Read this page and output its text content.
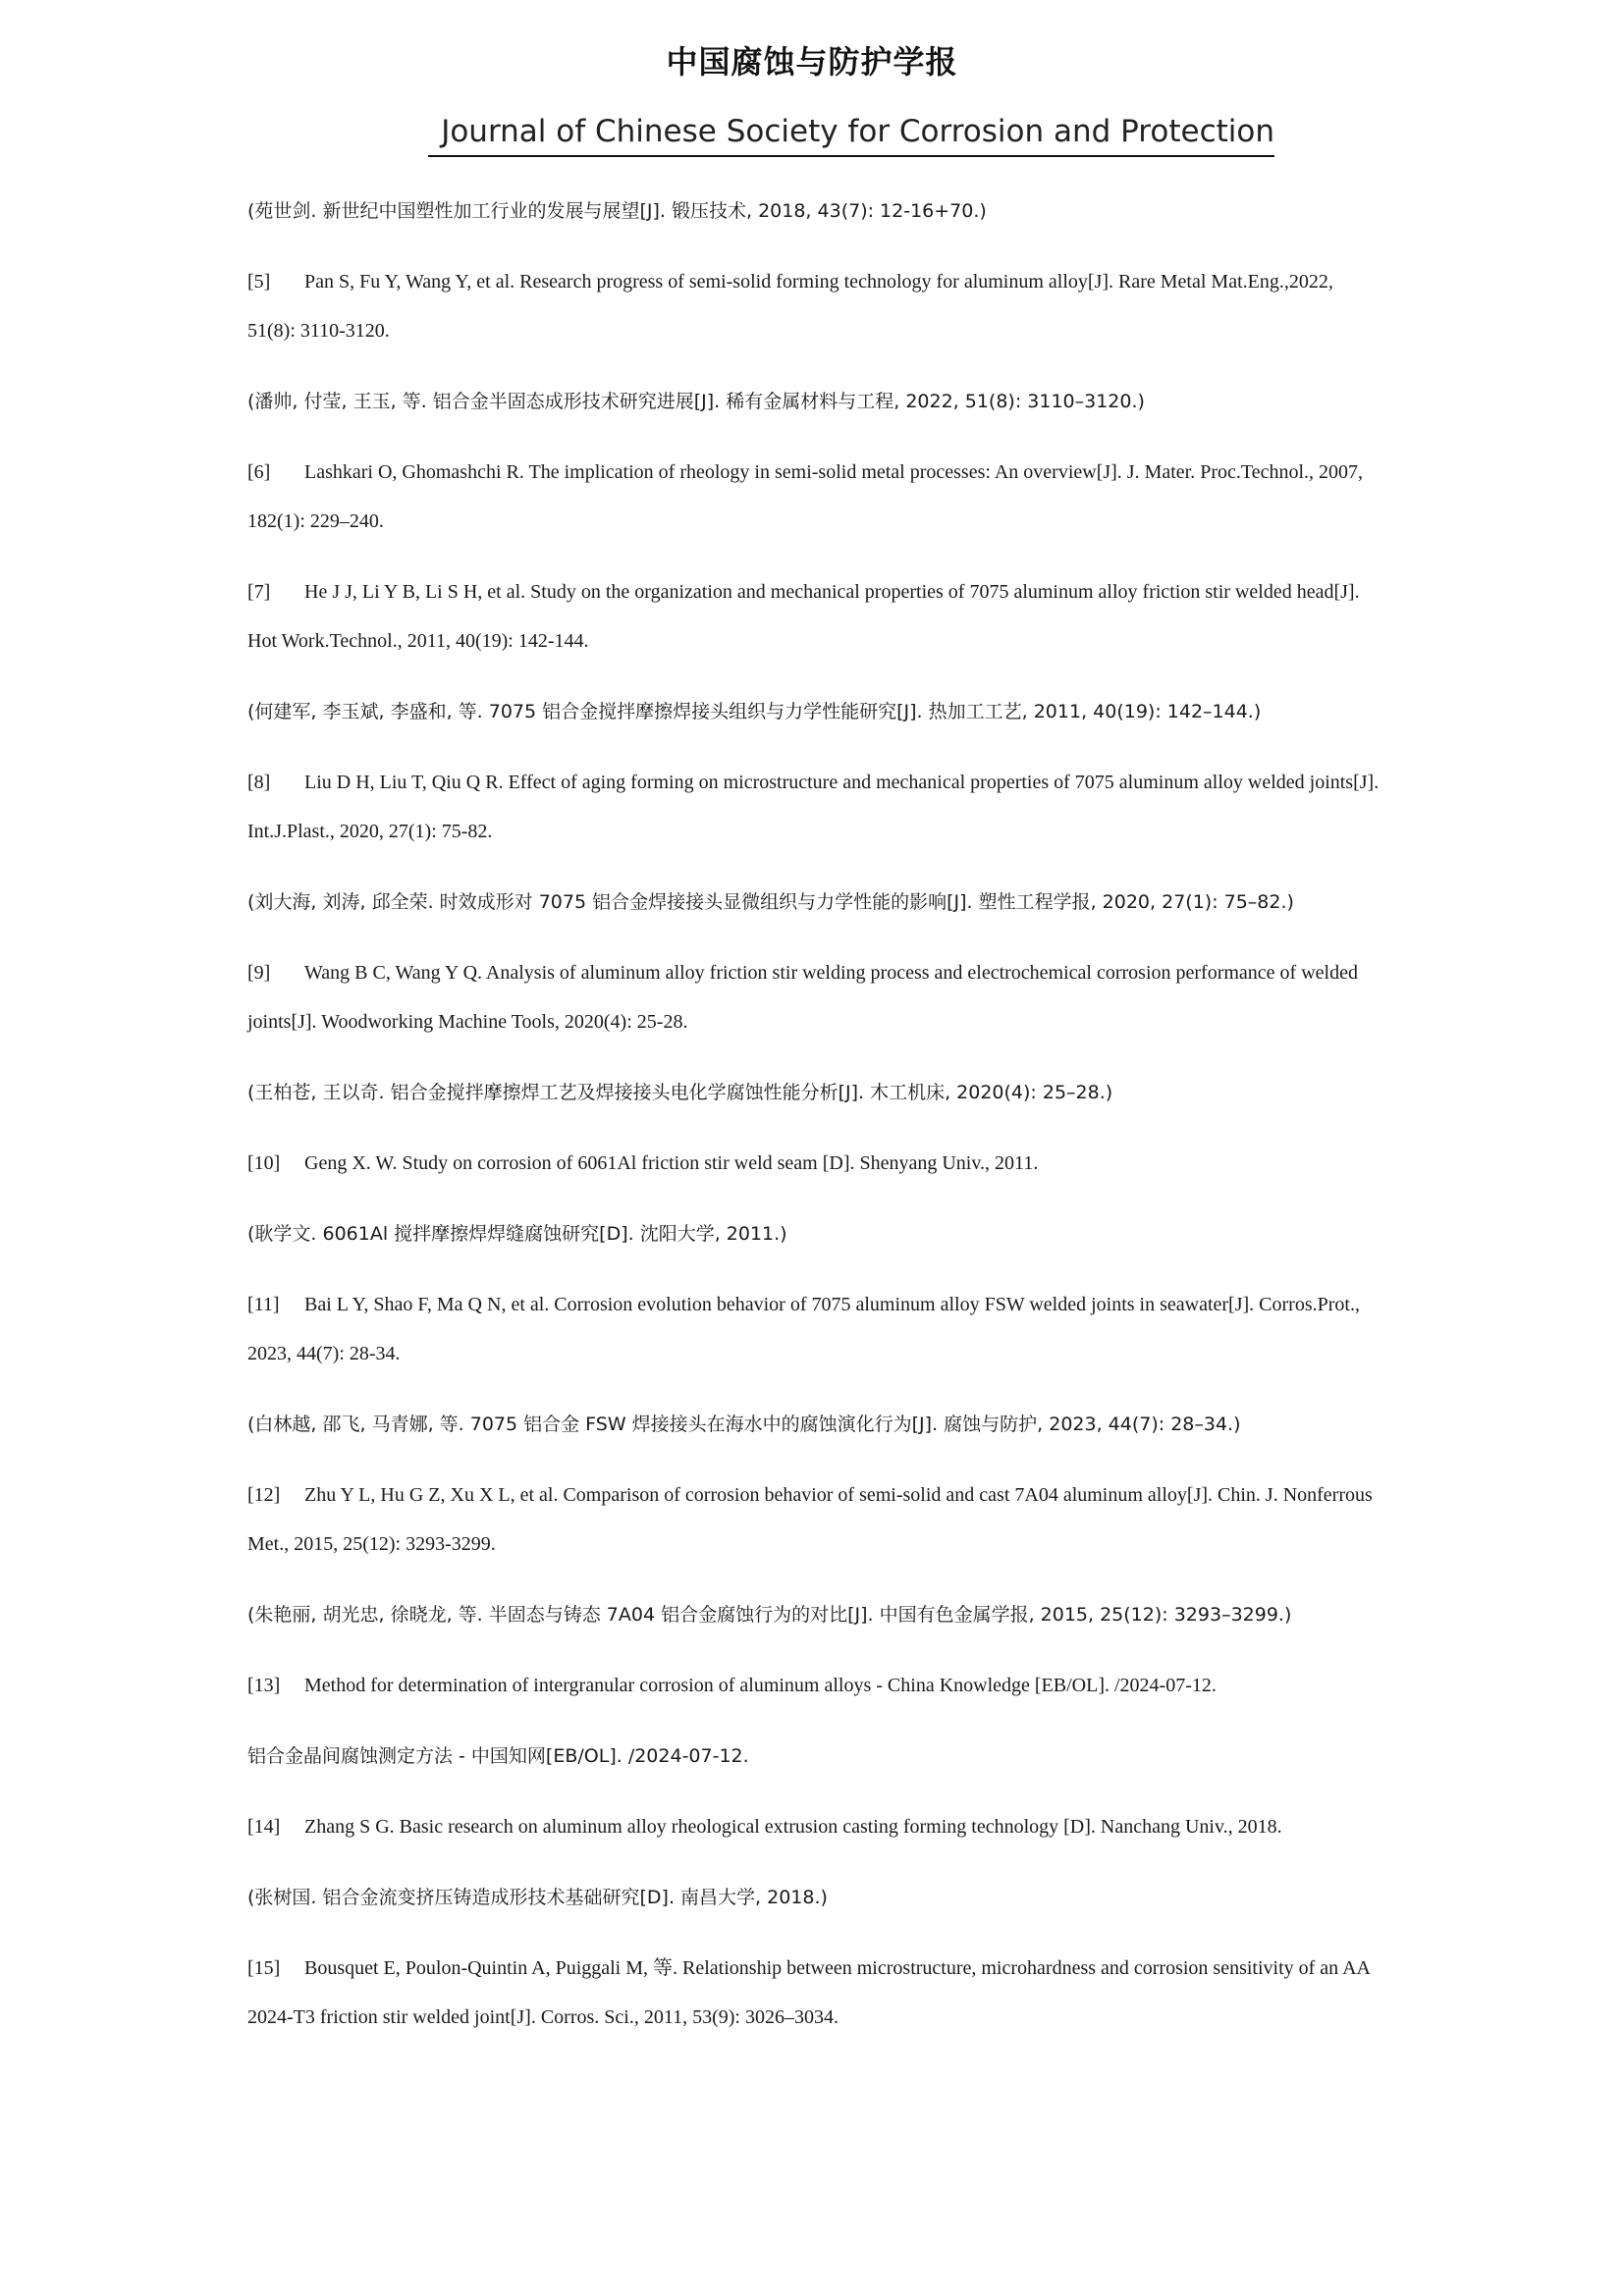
中国腐蚀与防护学报
Journal of Chinese Society for Corrosion and Protection

(苑世剑. 新世纪中国塑性加工行业的发展与展望[J]. 锻压技术, 2018, 43(7): 12-16+70.)

[5] Pan S, Fu Y, Wang Y, et al. Research progress of semi-solid forming technology for aluminum alloy[J]. Rare Metal Mat.Eng.,2022, 51(8): 3110-3120.

(潘帅, 付莹, 王玉, 等. 铝合金半固态成形技术研究进展[J]. 稀有金属材料与工程, 2022, 51(8): 3110–3120.)

[6] Lashkari O, Ghomashchi R. The implication of rheology in semi-solid metal processes: An overview[J]. J. Mater. Proc.Technol., 2007, 182(1): 229–240.

[7] He J J, Li Y B, Li S H, et al. Study on the organization and mechanical properties of 7075 aluminum alloy friction stir welded head[J]. Hot Work.Technol., 2011, 40(19): 142-144.

(何建军, 李玉斌, 李盛和, 等. 7075 铝合金搅拌摩擦焊接头组织与力学性能研究[J]. 热加工工艺, 2011, 40(19): 142–144.)

[8] Liu D H, Liu T, Qiu Q R. Effect of aging forming on microstructure and mechanical properties of 7075 aluminum alloy welded joints[J]. Int.J.Plast., 2020, 27(1): 75-82.

(刘大海, 刘涛, 邱全荣. 时效成形对 7075 铝合金焊接接头显微组织与力学性能的影响[J]. 塑性工程学报, 2020, 27(1): 75–82.)

[9] Wang B C, Wang Y Q. Analysis of aluminum alloy friction stir welding process and electrochemical corrosion performance of welded joints[J]. Woodworking Machine Tools, 2020(4): 25-28.

(王柏苍, 王以奇. 铝合金搅拌摩擦焊工艺及焊接接头电化学腐蚀性能分析[J]. 木工机床, 2020(4): 25–28.)

[10] Geng X. W. Study on corrosion of 6061Al friction stir weld seam [D]. Shenyang Univ., 2011.

(耿学文. 6061Al 搅拌摩擦焊焊缝腐蚀研究[D]. 沈阳大学, 2011.)

[11] Bai L Y, Shao F, Ma Q N, et al. Corrosion evolution behavior of 7075 aluminum alloy FSW welded joints in seawater[J]. Corros.Prot., 2023, 44(7): 28-34.

(白林越, 邵飞, 马青娜, 等. 7075 铝合金 FSW 焊接接头在海水中的腐蚀演化行为[J]. 腐蚀与防护, 2023, 44(7): 28–34.)

[12] Zhu Y L, Hu G Z, Xu X L, et al. Comparison of corrosion behavior of semi-solid and cast 7A04 aluminum alloy[J]. Chin. J. Nonferrous Met., 2015, 25(12): 3293-3299.

(朱艳丽, 胡光忠, 徐晓龙, 等. 半固态与铸态 7A04 铝合金腐蚀行为的对比[J]. 中国有色金属学报, 2015, 25(12): 3293–3299.)

[13] Method for determination of intergranular corrosion of aluminum alloys - China Knowledge [EB/OL]. /2024-07-12.

铝合金晶间腐蚀测定方法 - 中国知网[EB/OL]. /2024-07-12.

[14] Zhang S G. Basic research on aluminum alloy rheological extrusion casting forming technology [D]. Nanchang Univ., 2018.

(张树国. 铝合金流变挤压铸造成形技术基础研究[D]. 南昌大学, 2018.)

[15] Bousquet E, Poulon-Quintin A, Puiggali M, 等. Relationship between microstructure, microhardness and corrosion sensitivity of an AA 2024-T3 friction stir welded joint[J]. Corros. Sci., 2011, 53(9): 3026–3034.
